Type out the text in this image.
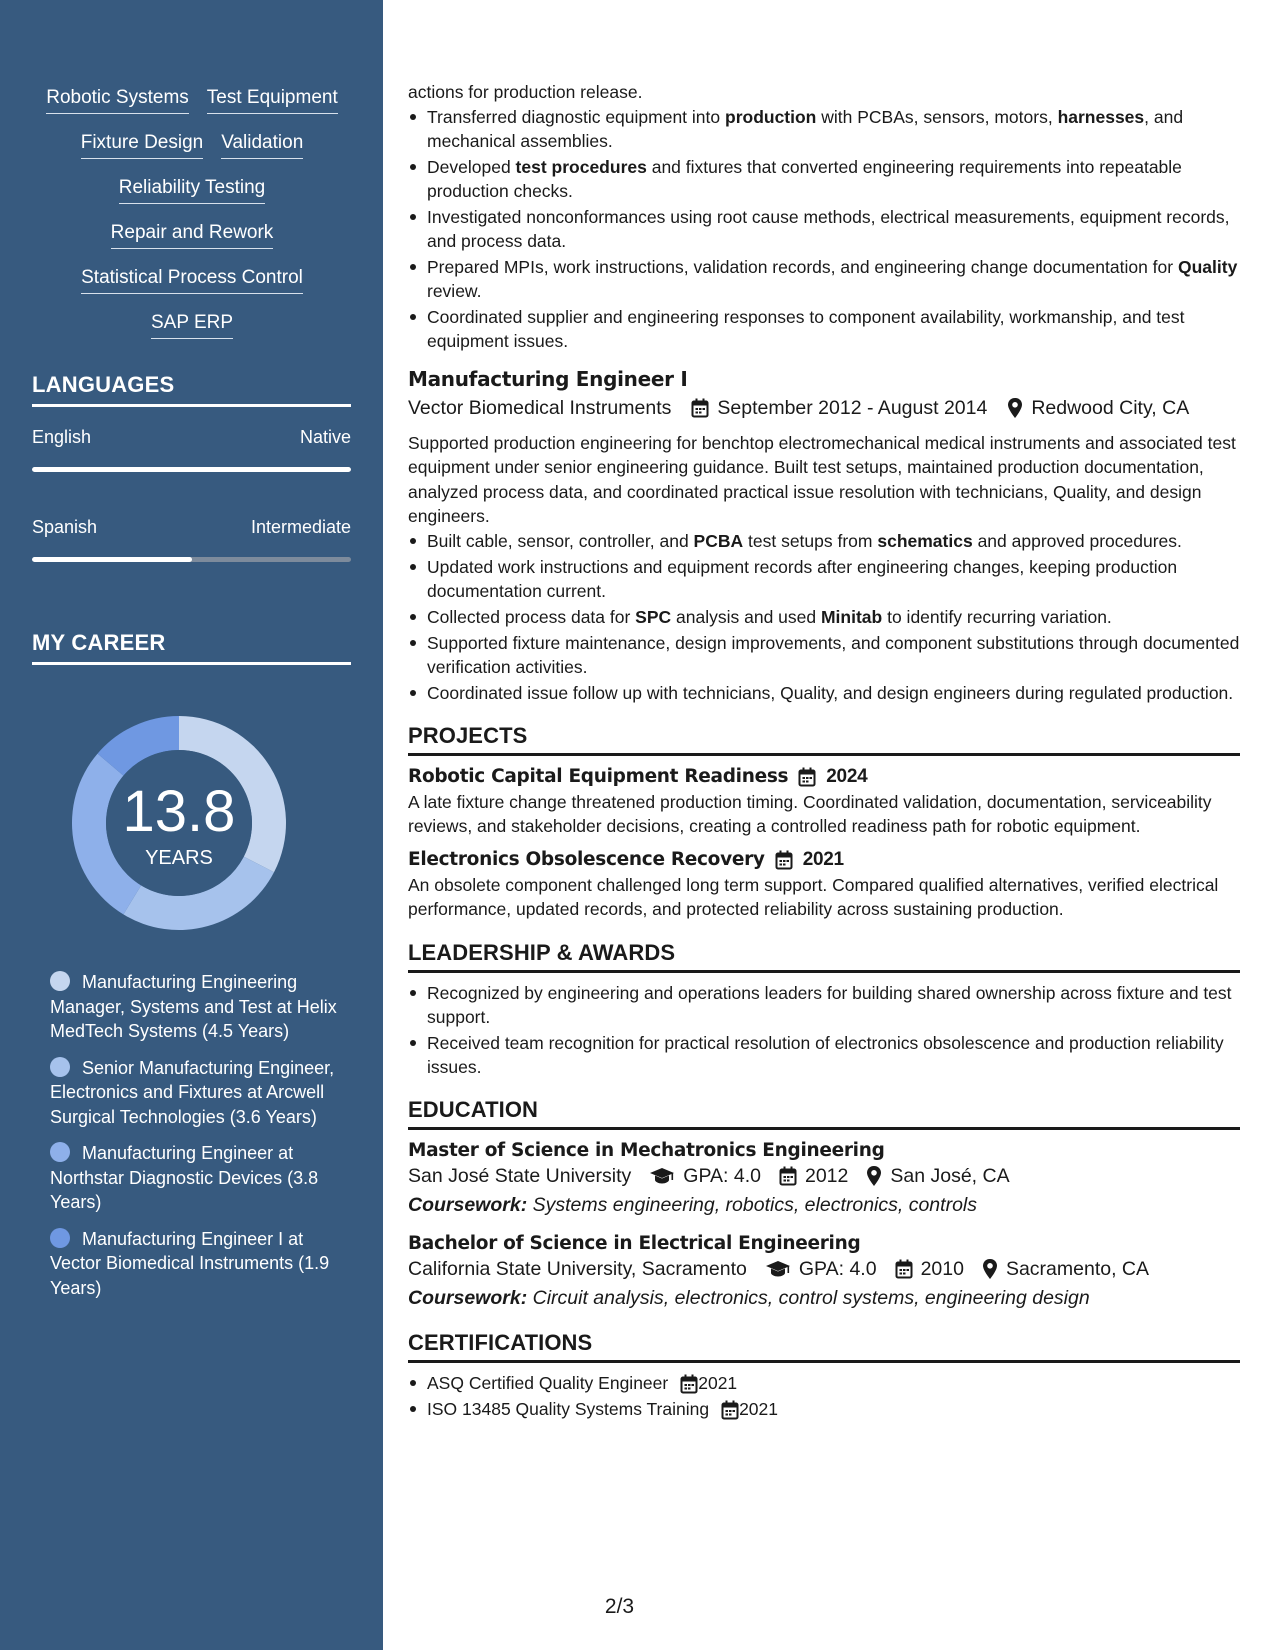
Robotic Systems Test Equipment
Fixture Design Validation
Reliability Testing
Repair and Rework
Statistical Process Control
SAP ERP
LANGUAGES
English	Native
Spanish	Intermediate
MY CAREER
13.8
YEARS
Manufacturing Engineering Manager, Systems and Test at Helix MedTech Systems (4.5 Years)
Senior Manufacturing Engineer, Electronics and Fixtures at Arcwell Surgical Technologies (3.6 Years)
Manufacturing Engineer at Northstar Diagnostic Devices (3.8 Years)
Manufacturing Engineer I at Vector Biomedical Instruments (1.9 Years)
actions for production release.
Transferred diagnostic equipment into production with PCBAs, sensors, motors, harnesses, and mechanical assemblies.
Developed test procedures and fixtures that converted engineering requirements into repeatable production checks.
Investigated nonconformances using root cause methods, electrical measurements, equipment records, and process data.
Prepared MPIs, work instructions, validation records, and engineering change documentation for Quality review.
Coordinated supplier and engineering responses to component availability, workmanship, and test equipment issues.
Manufacturing Engineer I
Vector Biomedical Instruments September 2012 - August 2014 Redwood City, CA
Supported production engineering for benchtop electromechanical medical instruments and associated test equipment under senior engineering guidance. Built test setups, maintained production documentation, analyzed process data, and coordinated practical issue resolution with technicians, Quality, and design engineers.
Built cable, sensor, controller, and PCBA test setups from schematics and approved procedures.
Updated work instructions and equipment records after engineering changes, keeping production documentation current.
Collected process data for SPC analysis and used Minitab to identify recurring variation.
Supported fixture maintenance, design improvements, and component substitutions through documented verification activities.
Coordinated issue follow up with technicians, Quality, and design engineers during regulated production.
PROJECTS
Robotic Capital Equipment Readiness 2024
A late fixture change threatened production timing. Coordinated validation, documentation, serviceability reviews, and stakeholder decisions, creating a controlled readiness path for robotic equipment.
Electronics Obsolescence Recovery 2021
An obsolete component challenged long term support. Compared qualified alternatives, verified electrical performance, updated records, and protected reliability across sustaining production.
LEADERSHIP & AWARDS
Recognized by engineering and operations leaders for building shared ownership across fixture and test support.
Received team recognition for practical resolution of electronics obsolescence and production reliability issues.
EDUCATION
Master of Science in Mechatronics Engineering
San José State University	GPA: 4.0 2012 San José, CA
Coursework: Systems engineering, robotics, electronics, controls
Bachelor of Science in Electrical Engineering
California State University, Sacramento	GPA: 4.0 2010 Sacramento, CA
Coursework: Circuit analysis, electronics, control systems, engineering design
CERTIFICATIONS
ASQ Certified Quality Engineer 2021
ISO 13485 Quality Systems Training 2021
2/3
